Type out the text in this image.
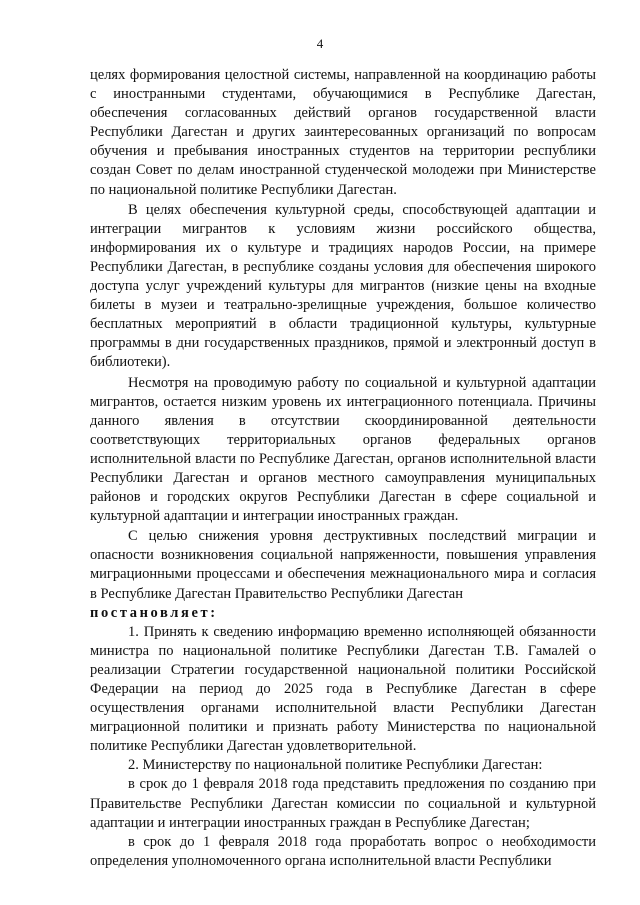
4

целях формирования целостной системы, направленной на координацию работы с иностранными студентами, обучающимися в Республике Дагестан, обеспечения согласованных действий органов государственной власти Республики Дагестан и других заинтересованных организаций по вопросам обучения и пребывания иностранных студентов на территории республики создан Совет по делам иностранной студенческой молодежи при Министерстве по национальной политике Республики Дагестан.

В целях обеспечения культурной среды, способствующей адаптации и интеграции мигрантов к условиям жизни российского общества, информирования их о культуре и традициях народов России, на примере Республики Дагестан, в республике созданы условия для обеспечения широкого доступа услуг учреждений культуры для мигрантов (низкие цены на входные билеты в музеи и театрально-зрелищные учреждения, большое количество бесплатных мероприятий в области традиционной культуры, культурные программы в дни государственных праздников, прямой и электронный доступ в библиотеки).

Несмотря на проводимую работу по социальной и культурной адаптации мигрантов, остается низким уровень их интеграционного потенциала. Причины данного явления в отсутствии скоординированной деятельности соответствующих территориальных органов федеральных органов исполнительной власти по Республике Дагестан, органов исполнительной власти Республики Дагестан и органов местного самоуправления муниципальных районов и городских округов Республики Дагестан в сфере социальной и культурной адаптации и интеграции иностранных граждан.

С целью снижения уровня деструктивных последствий миграции и опасности возникновения социальной напряженности, повышения управления миграционными процессами и обеспечения межнационального мира и согласия в Республике Дагестан Правительство Республики Дагестан

постановляет:

1. Принять к сведению информацию временно исполняющей обязанности министра по национальной политике Республики Дагестан Т.В. Гамалей о реализации Стратегии государственной национальной политики Российской Федерации на период до 2025 года в Республике Дагестан в сфере осуществления органами исполнительной власти Республики Дагестан миграционной политики и признать работу Министерства по национальной политике Республики Дагестан удовлетворительной.

2. Министерству по национальной политике Республики Дагестан:

в срок до 1 февраля 2018 года представить предложения по созданию при Правительстве Республики Дагестан комиссии по социальной и культурной адаптации и интеграции иностранных граждан в Республике Дагестан;

в срок до 1 февраля 2018 года проработать вопрос о необходимости определения уполномоченного органа исполнительной власти Республики
